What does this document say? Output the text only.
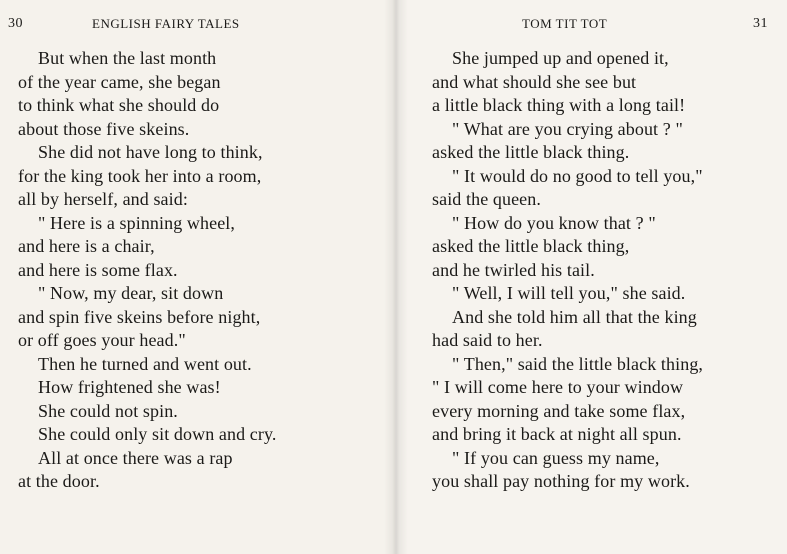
30	ENGLISH FAIRY TALES
But when the last month
of the year came, she began
to think what she should do
about those five skeins.
She did not have long to think,
for the king took her into a room,
all by herself, and said:
" Here is a spinning wheel,
and here is a chair,
and here is some flax.
" Now, my dear, sit down
and spin five skeins before night,
or off goes your head."
Then he turned and went out.
How frightened she was!
She could not spin.
She could only sit down and cry.
All at once there was a rap
at the door.
TOM TIT TOT	31
She jumped up and opened it,
and what should she see but
a little black thing with a long tail!
" What are you crying about ? "
asked the little black thing.
" It would do no good to tell you,"
said the queen.
" How do you know that ? "
asked the little black thing,
and he twirled his tail.
" Well, I will tell you," she said.
And she told him all that the king
had said to her.
" Then," said the little black thing,
" I will come here to your window
every morning and take some flax,
and bring it back at night all spun.
" If you can guess my name,
you shall pay nothing for my work.
